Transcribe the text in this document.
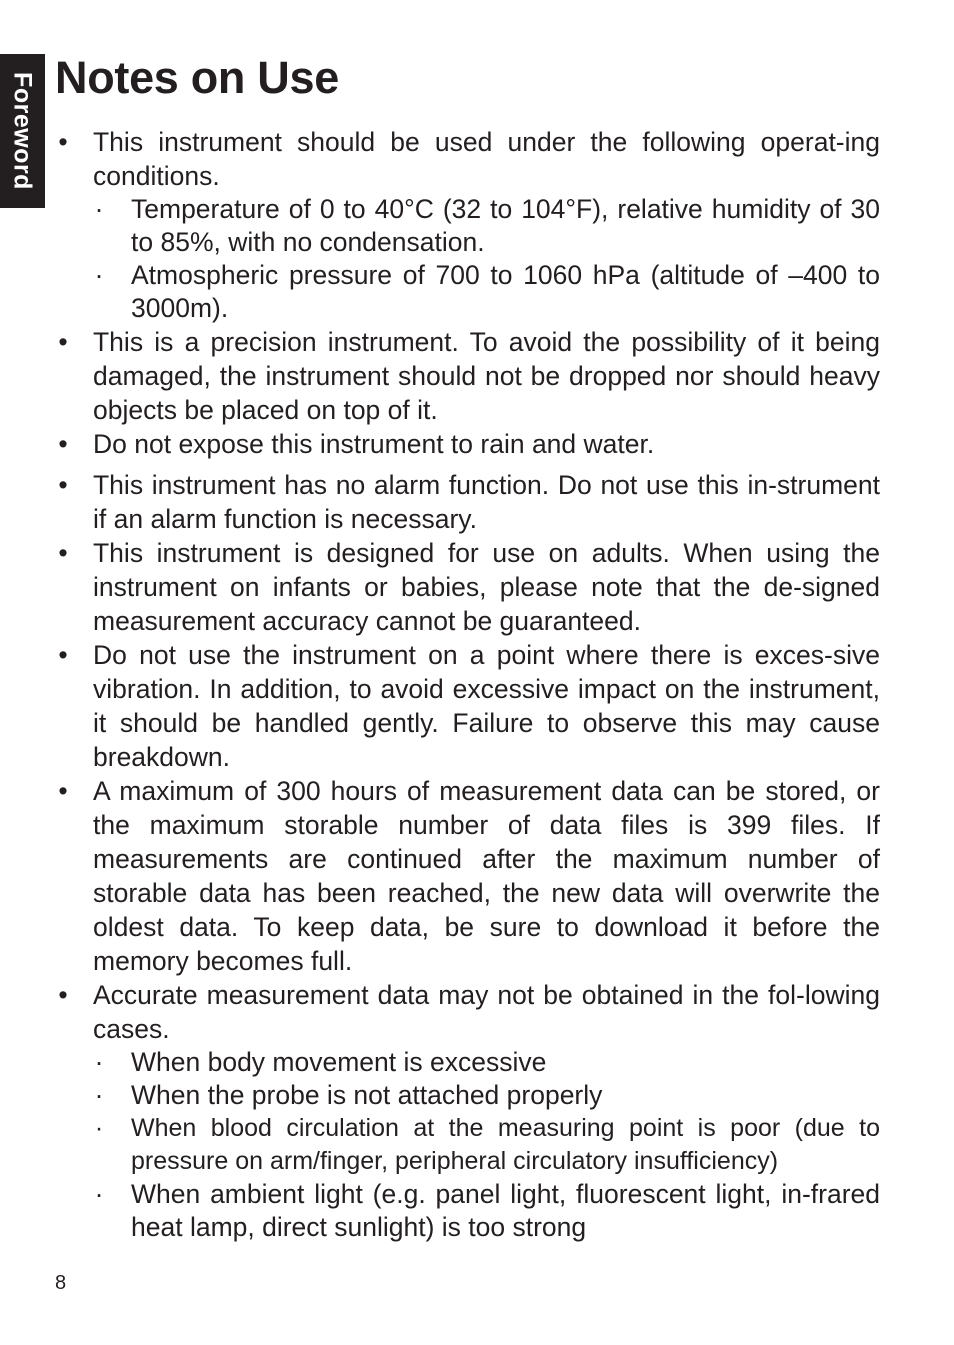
Foreword Notes on Use
• This instrument should be used under the following operat-ing conditions.
· Temperature of 0 to 40°C (32 to 104°F), relative humidity of 30 to 85%, with no condensation.
· Atmospheric pressure of 700 to 1060 hPa (altitude of –400 to 3000m).
• This is a precision instrument. To avoid the possibility of it being damaged, the instrument should not be dropped nor should heavy objects be placed on top of it.
• Do not expose this instrument to rain and water.
• This instrument has no alarm function. Do not use this in-strument if an alarm function is necessary.
• This instrument is designed for use on adults. When using the instrument on infants or babies, please note that the de-signed measurement accuracy cannot be guaranteed.
• Do not use the instrument on a point where there is exces-sive vibration. In addition, to avoid excessive impact on the instrument, it should be handled gently. Failure to observe this may cause breakdown.
• A maximum of 300 hours of measurement data can be stored, or the maximum storable number of data files is 399 files. If measurements are continued after the maximum number of storable data has been reached, the new data will overwrite the oldest data. To keep data, be sure to download it before the memory becomes full.
• Accurate measurement data may not be obtained in the fol-lowing cases.
· When body movement is excessive
· When the probe is not attached properly
· When blood circulation at the measuring point is poor (due to pressure on arm/finger, peripheral circulatory insufficiency)
· When ambient light (e.g. panel light, fluorescent light, in-frared heat lamp, direct sunlight) is too strong
8
